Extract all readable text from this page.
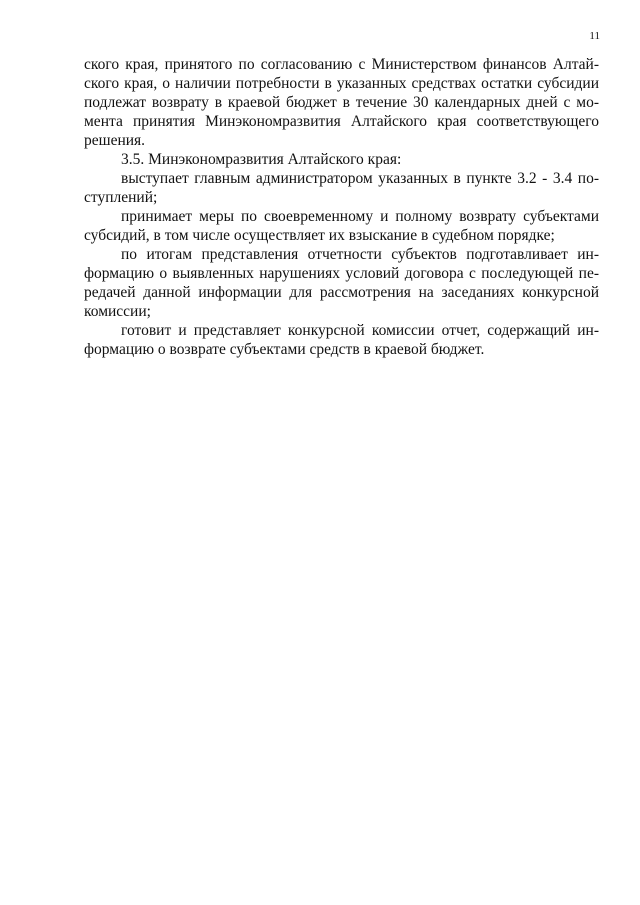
11
ского края, принятого по согласованию с Министерством финансов Алтай-
ского края, о наличии потребности в указанных средствах остатки субсидии
подлежат возврату в краевой бюджет в течение 30 календарных дней с мо-
мента принятия Минэкономразвития Алтайского края соответствующего
решения.
3.5. Минэкономразвития Алтайского края:
выступает главным администратором указанных в пункте 3.2 - 3.4 по-
ступлений;
принимает меры по своевременному и полному возврату субъектами
субсидий, в том числе осуществляет их взыскание в судебном порядке;
по итогам представления отчетности субъектов подготавливает ин-
формацию о выявленных нарушениях условий договора с последующей пе-
редачей данной информации для рассмотрения на заседаниях конкурсной
комиссии;
готовит и представляет конкурсной комиссии отчет, содержащий ин-
формацию о возврате субъектами средств в краевой бюджет.
